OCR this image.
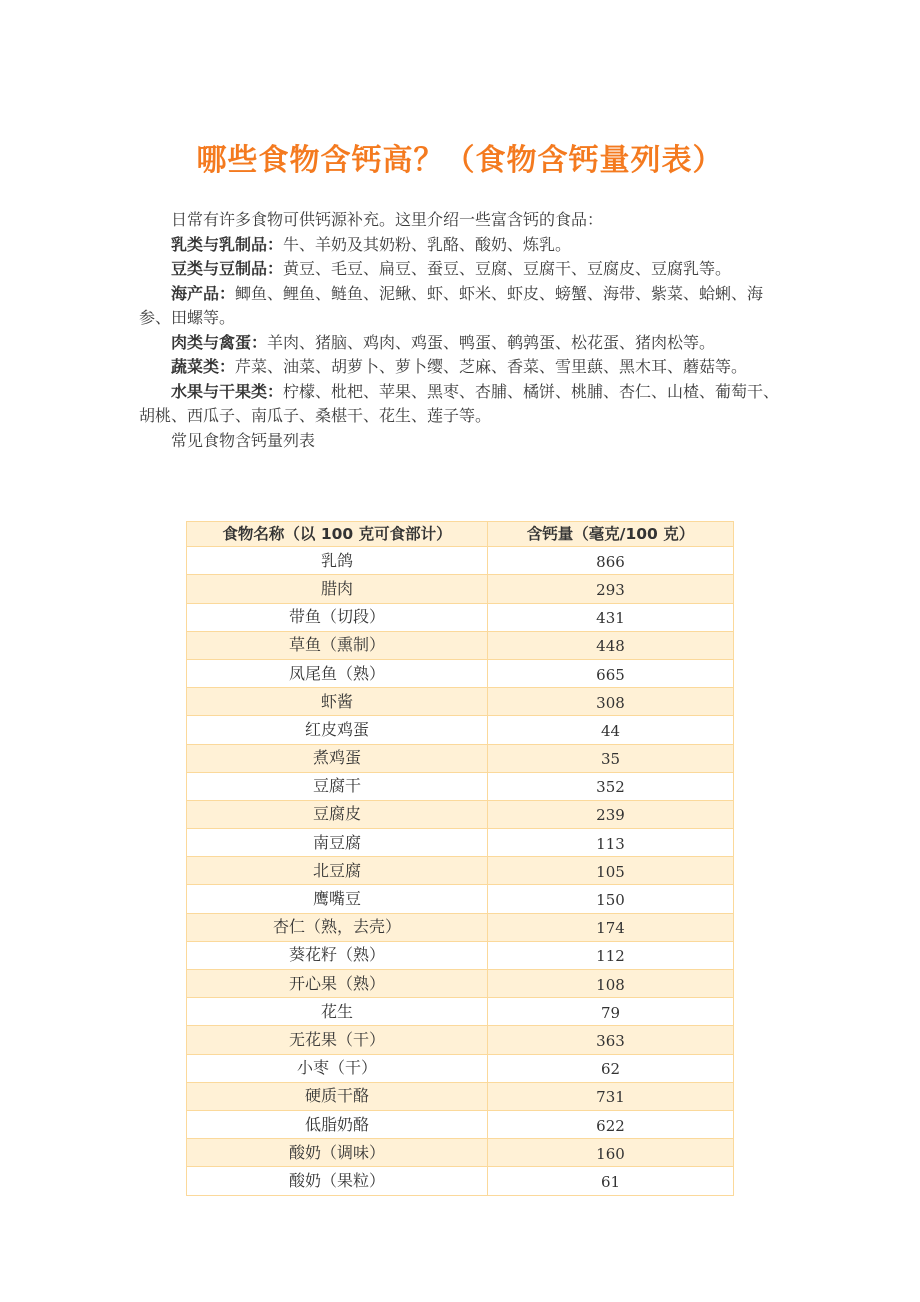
哪些食物含钙高？（食物含钙量列表）

日常有许多食物可供钙源补充。这里介绍一些富含钙的食品：

乳类与乳制品：牛、羊奶及其奶粉、乳酪、酸奶、炼乳。

豆类与豆制品：黄豆、毛豆、扁豆、蚕豆、豆腐、豆腐干、豆腐皮、豆腐乳等。

海产品：鲫鱼、鲤鱼、鲢鱼、泥鳅、虾、虾米、虾皮、螃蟹、海带、紫菜、蛤蜊、海参、田螺等。

肉类与禽蛋：羊肉、猪脑、鸡肉、鸡蛋、鸭蛋、鹌鹑蛋、松花蛋、猪肉松等。

蔬菜类：芹菜、油菜、胡萝卜、萝卜缨、芝麻、香菜、雪里蕻、黑木耳、蘑菇等。

水果与干果类：柠檬、枇杷、苹果、黑枣、杏脯、橘饼、桃脯、杏仁、山楂、葡萄干、胡桃、西瓜子、南瓜子、桑椹干、花生、莲子等。

常见食物含钙量列表

食物名称（以 100 克可食部计）	含钙量（毫克/100 克）
乳鸽	866
腊肉	293
带鱼（切段）	431
草鱼（熏制）	448
凤尾鱼（熟）	665
虾酱	308
红皮鸡蛋	44
煮鸡蛋	35
豆腐干	352
豆腐皮	239
南豆腐	113
北豆腐	105
鹰嘴豆	150
杏仁（熟，去壳）	174
葵花籽（熟）	112
开心果（熟）	108
花生	79
无花果（干）	363
小枣（干）	62
硬质干酪	731
低脂奶酪	622
酸奶（调味）	160
酸奶（果粒）	61
